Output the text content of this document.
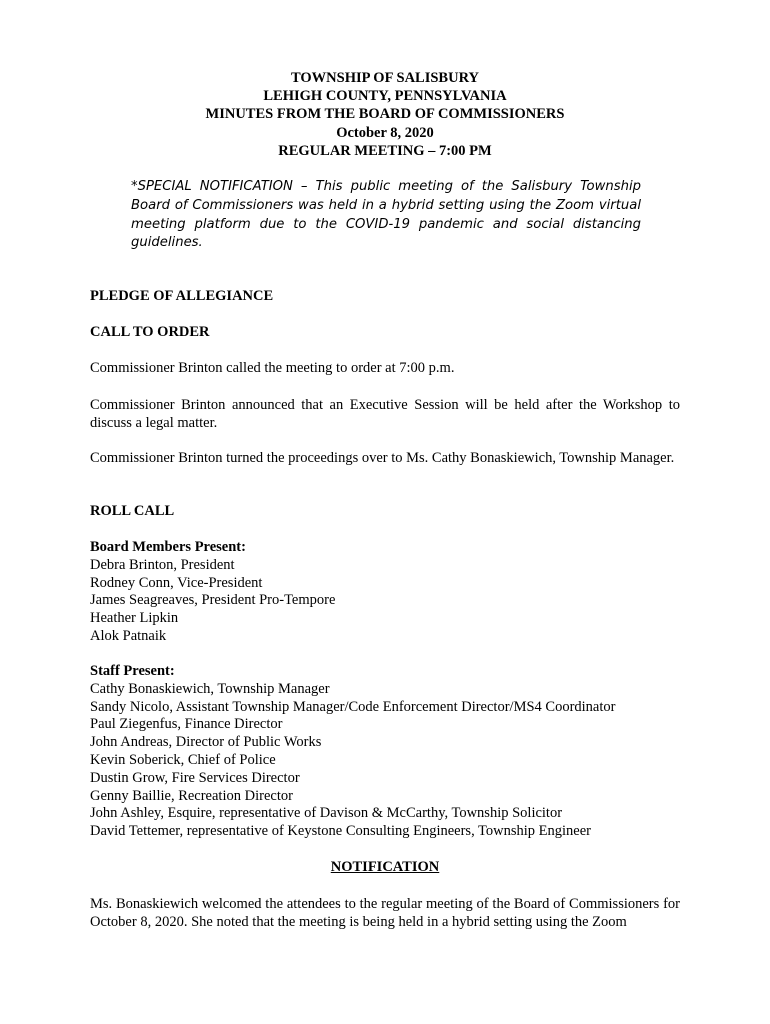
TOWNSHIP OF SALISBURY
LEHIGH COUNTY, PENNSYLVANIA
MINUTES FROM THE BOARD OF COMMISSIONERS
October 8, 2020
REGULAR MEETING – 7:00 PM
*SPECIAL NOTIFICATION – This public meeting of the Salisbury Township Board of Commissioners was held in a hybrid setting using the Zoom virtual meeting platform due to the COVID-19 pandemic and social distancing guidelines.
PLEDGE OF ALLEGIANCE
CALL TO ORDER
Commissioner Brinton called the meeting to order at 7:00 p.m.
Commissioner Brinton announced that an Executive Session will be held after the Workshop to discuss a legal matter.
Commissioner Brinton turned the proceedings over to Ms. Cathy Bonaskiewich, Township Manager.
ROLL CALL
Board Members Present:
Debra Brinton, President
Rodney Conn, Vice-President
James Seagreaves, President Pro-Tempore
Heather Lipkin
Alok Patnaik
Staff Present:
Cathy Bonaskiewich, Township Manager
Sandy Nicolo, Assistant Township Manager/Code Enforcement Director/MS4 Coordinator
Paul Ziegenfus, Finance Director
John Andreas, Director of Public Works
Kevin Soberick, Chief of Police
Dustin Grow, Fire Services Director
Genny Baillie, Recreation Director
John Ashley, Esquire, representative of Davison & McCarthy, Township Solicitor
David Tettemer, representative of Keystone Consulting Engineers, Township Engineer
NOTIFICATION
Ms. Bonaskiewich welcomed the attendees to the regular meeting of the Board of Commissioners for October 8, 2020. She noted that the meeting is being held in a hybrid setting using the Zoom
